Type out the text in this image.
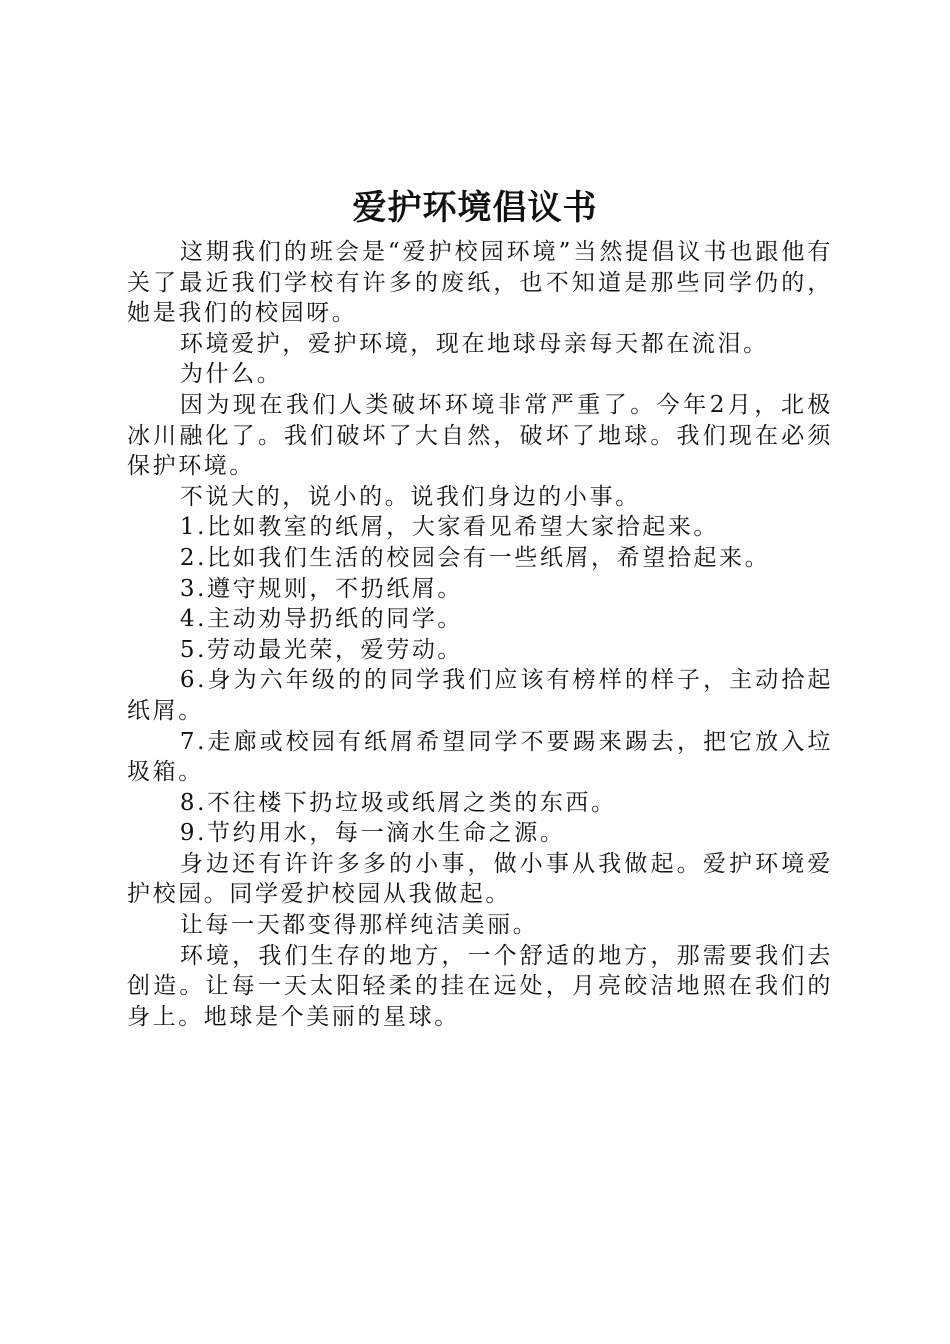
爱护环境倡议书

这期我们的班会是“爱护校园环境”当然提倡议书也跟他有关了最近我们学校有许多的废纸，也不知道是那些同学仍的，她是我们的校园呀。

环境爱护，爱护环境，现在地球母亲每天都在流泪。

为什么。

因为现在我们人类破坏环境非常严重了。今年2月，北极冰川融化了。我们破坏了大自然，破坏了地球。我们现在必须保护环境。

不说大的，说小的。说我们身边的小事。

1.比如教室的纸屑，大家看见希望大家拾起来。

2.比如我们生活的校园会有一些纸屑，希望拾起来。

3.遵守规则，不扔纸屑。

4.主动劝导扔纸的同学。

5.劳动最光荣，爱劳动。

6.身为六年级的的同学我们应该有榜样的样子，主动拾起纸屑。

7.走廊或校园有纸屑希望同学不要踢来踢去，把它放入垃圾箱。

8.不往楼下扔垃圾或纸屑之类的东西。

9.节约用水，每一滴水生命之源。

身边还有许许多多的小事，做小事从我做起。爱护环境爱护校园。同学爱护校园从我做起。

让每一天都变得那样纯洁美丽。

环境，我们生存的地方，一个舒适的地方，那需要我们去创造。让每一天太阳轻柔的挂在远处，月亮皎洁地照在我们的身上。地球是个美丽的星球。
